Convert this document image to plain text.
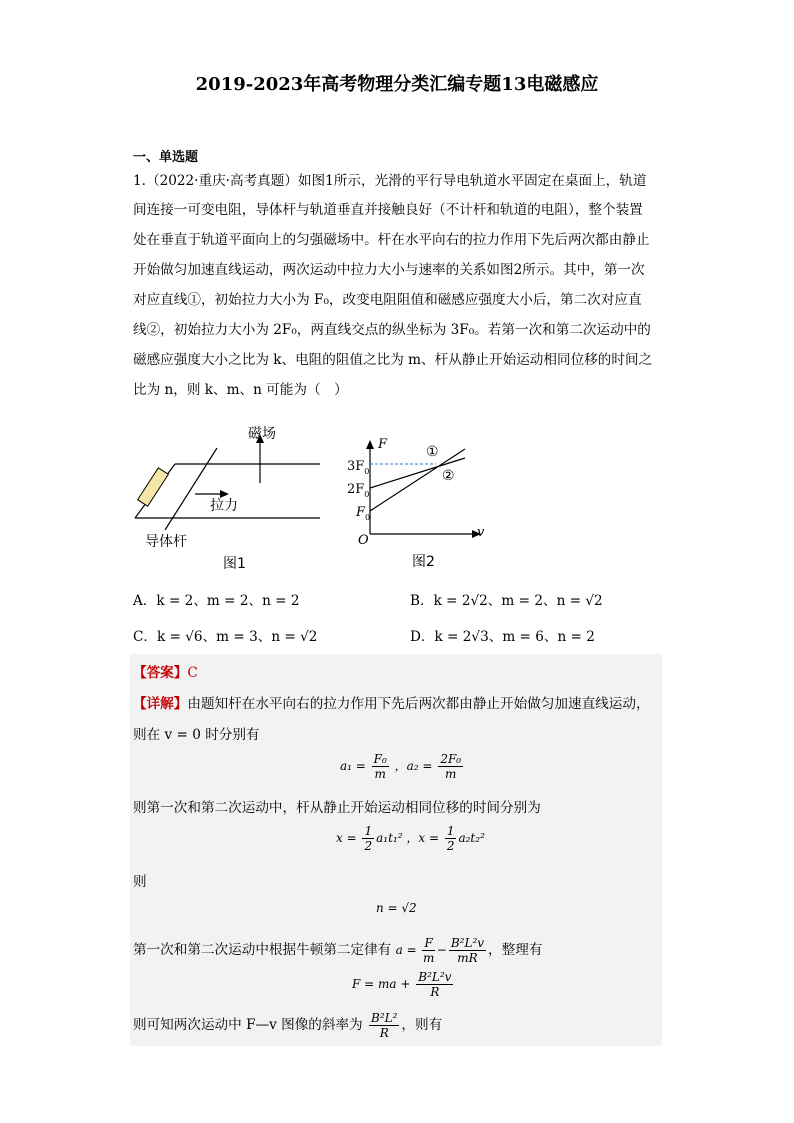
2019-2023年高考物理分类汇编专题13电磁感应
一、单选题
1.（2022·重庆·高考真题）如图1所示，光滑的平行导电轨道水平固定在桌面上，轨道
间连接一可变电阻，导体杆与轨道垂直并接触良好（不计杆和轨道的电阻），整个装置
处在垂直于轨道平面向上的匀强磁场中。杆在水平向右的拉力作用下先后两次都由静止
开始做匀加速直线运动，两次运动中拉力大小与速率的关系如图2所示。其中，第一次
对应直线①，初始拉力大小为 F₀，改变电阻阻值和磁感应强度大小后，第二次对应直
线②，初始拉力大小为 2F₀，两直线交点的纵坐标为 3F₀。若第一次和第二次运动中的
磁感应强度大小之比为 k、电阻的阻值之比为 m、杆从静止开始运动相同位移的时间之
比为 n，则 k、m、n 可能为（　）
磁场
拉力
导体杆
图1
F
v
O
$3F_0$
$2F_0$
$F_0$
①
②
图2
A．k = 2、m = 2、n = 2	B．k = 2√2、m = 2、n = √2
C．k = √6、m = 3、n = √2	D．k = 2√3、m = 6、n = 2
【答案】C
【详解】由题知杆在水平向右的拉力作用下先后两次都由静止开始做匀加速直线运动，
则在 v = 0 时分别有
$a_1 = \frac{\text{F₀}}{m}$ ，$a_2 = \frac{\text{2F₀}}{m}$
则第一次和第二次运动中，杆从静止开始运动相同位移的时间分别为
$x = \frac{1}{2} a_1t_1^2$ ，$x = \frac{1}{2} a_2t_2^2$
则
n = √2
第一次和第二次运动中根据牛顿第二定律有 $a = \frac{F}{m} - \frac{\text{B²L²v}}{mR}$ ，整理有
F = ma + $\frac{\text{B²L²v}}{R}$
则可知两次运动中 F—v 图像的斜率为 $\frac{\text{B²L²}}{R}$ ，则有
